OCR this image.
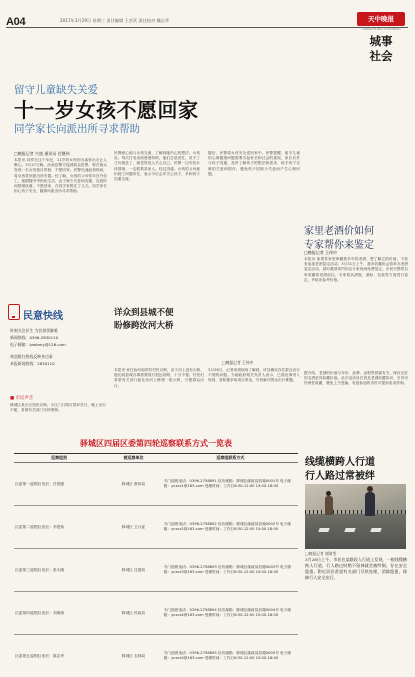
A04	2017年3月29日 星期三 责任编辑 王彦武 责任校对 魏志华	天中晚报
TIANZHONG EVENING
城事
社会
留守儿童缺失关爱
十一岁女孩不愿回家
同学家长向派出所寻求帮助
□晚报记者 兴盛 通讯员 任继伟
本报讯 同样在这个年纪，11岁的女孩因为离家出走让人揪心。3月27日晚，汝南县警方接到群众报警，称在街头发现一名女孩独自徘徊，不愿回家。民警迅速赶到现场，将女孩带回派出所安置。经了解，女孩的父母常年在外务工，她跟随爷爷奶奶生活，由于缺少关爱和沟通，近段时间情绪低落，不愿回家，在同学家暂住了几天。同学家长担心孩子安全，随即向派出所寻求帮助。
民警耐心地与女孩交流，了解到她内心的想法。女孩说，每次打电话给爸爸妈妈，他们总是说忙，说不了几句就挂了，她觉得没人关心自己。民警一边安抚女孩情绪，一边联系其家人。经过沟通，女孩的父母意识到了问题所在，表示今后会多关心孩子，多和孩子沟通交流。
随后，民警将女孩安全送回家中。民警提醒，留守儿童的心理健康问题需要引起家长和社会的重视，家长应多与孩子沟通，及时了解孩子的想法和需求，给予孩子足够的关爱和陪伴，避免孩子因缺少关爱而产生心理问题。
家里老酒价如何
专家帮你来鉴定
□晚报记者 王伟中
本报讯 如果你家里珍藏着多年的老酒，想了解它的价值，不妨来参加老酒鉴定活动。3月31日上午，我市收藏协会将举办老酒鉴定活动，届时邀请省内知名专家现场免费鉴定。市民可携带自家收藏的老酒前往，专家将从酒瓶、酒标、包装等方面进行鉴定，并给出参考价格。
据介绍，老酒的价值与年份、品牌、品相等因素有关，保存完好的名酒更具收藏价值。此次活动旨在普及老酒收藏知识，引导市民理性收藏，避免上当受骗。有意参加的市民可提前电话咨询。
线缆横跨人行道
行人路过常被绊
□晚报记者 谢倩雯
3月28日上午，市民在某路段人行道上发现，一根线缆横跨人行道，行人路过时稍不留神就会被绊倒，存在安全隐患。附近居民希望有关部门尽快处理，消除隐患，保障行人安全出行。
民意快线
时刻关注民生 为民排忧解难
新闻热线：0396-2830110
电子邮箱：tzwbmy@126.com
欢迎拨打热线反映身边事
本报新闻热线：2830110
■ 市民声音
驿城区某小区居民反映，小区门口路灯损坏多日，晚上出行不便，希望有关部门尽快维修。
详众到县城不便
盼修跨汝河大桥
□晚报记者 王伟中
本报讯 家住汝河南岸的村民反映，由于河上没有大桥，他们到县城办事需要绕行很远的路，十分不便。村民们希望有关部门能在汝河上修建一座大桥，方便群众出行。
3月28日，记者来到现场了解到，该处确实存在群众出行不便的问题。当地政府相关负责人表示，已将此事列入规划，将积极争取项目资金，尽快解决群众出行难题。
驿城区四届区委第四轮巡察联系方式一览表
巡察组别	被巡察单位	巡察组联系方式
区委第一巡察组 组长：任国强	驿城区 教体局	专门值班电话：0396-2758891 信访邮箱：驿城区邮政局信箱0001号 电子邮箱：ycxcz1@163.com 受理时间：工作日8:30-12:00 15:00-18:00
区委第二巡察组 组长：李建伟	驿城区 卫计委	专门值班电话：0396-2758892 信访邮箱：驿城区邮政局信箱0002号 电子邮箱：ycxcz2@163.com 受理时间：工作日8:30-12:00 15:00-18:00
区委第三巡察组 组长：张永刚	驿城区 住建局	专门值班电话：0396-2758893 信访邮箱：驿城区邮政局信箱0003号 电子邮箱：ycxcz3@163.com 受理时间：工作日8:30-12:00 15:00-18:00
区委第四巡察组 组长：刘海涛	驿城区 民政局	专门值班电话：0396-2758894 信访邮箱：驿城区邮政局信箱0004号 电子邮箱：ycxcz4@163.com 受理时间：工作日8:30-12:00 15:00-18:00
区委第五巡察组 组长：陈志华	驿城区 农林局	专门值班电话：0396-2758895 信访邮箱：驿城区邮政局信箱0005号 电子邮箱：ycxcz5@163.com 受理时间：工作日8:30-12:00 15:00-18:00
